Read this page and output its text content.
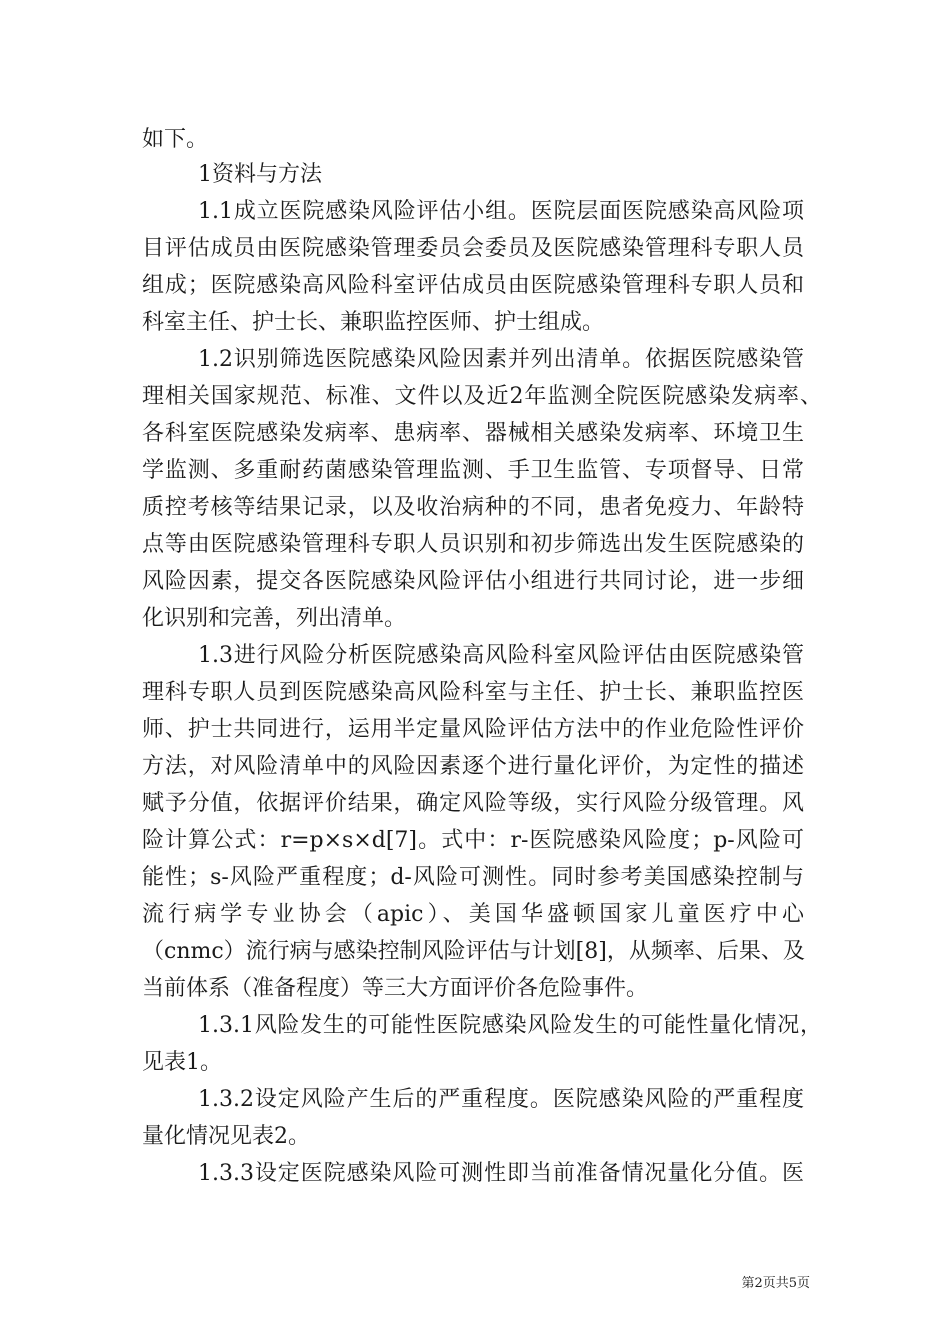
如下。
1资料与方法
1.1成立医院感染风险评估小组。医院层面医院感染高风险项
目评估成员由医院感染管理委员会委员及医院感染管理科专职人员
组成；医院感染高风险科室评估成员由医院感染管理科专职人员和
科室主任、护士长、兼职监控医师、护士组成。
1.2识别筛选医院感染风险因素并列出清单。依据医院感染管
理相关国家规范、标准、文件以及近2年监测全院医院感染发病率、
各科室医院感染发病率、患病率、器械相关感染发病率、环境卫生
学监测、多重耐药菌感染管理监测、手卫生监管、专项督导、日常
质控考核等结果记录，以及收治病种的不同，患者免疫力、年龄特
点等由医院感染管理科专职人员识别和初步筛选出发生医院感染的
风险因素，提交各医院感染风险评估小组进行共同讨论，进一步细
化识别和完善，列出清单。
1.3进行风险分析医院感染高风险科室风险评估由医院感染管
理科专职人员到医院感染高风险科室与主任、护士长、兼职监控医
师、护士共同进行，运用半定量风险评估方法中的作业危险性评价
方法，对风险清单中的风险因素逐个进行量化评价，为定性的描述
赋予分值，依据评价结果，确定风险等级，实行风险分级管理。风
险计算公式：r=p×s×d[7]。式中：r-医院感染风险度；p-风险可
能性；s-风险严重程度；d-风险可测性。同时参考美国感染控制与
流行病学专业协会（apic）、美国华盛顿国家儿童医疗中心
（cnmc）流行病与感染控制风险评估与计划[8]，从频率、后果、及
当前体系（准备程度）等三大方面评价各危险事件。
1.3.1风险发生的可能性医院感染风险发生的可能性量化情况，
见表1。
1.3.2设定风险产生后的严重程度。医院感染风险的严重程度
量化情况见表2。
1.3.3设定医院感染风险可测性即当前准备情况量化分值。医
第2页共5页
